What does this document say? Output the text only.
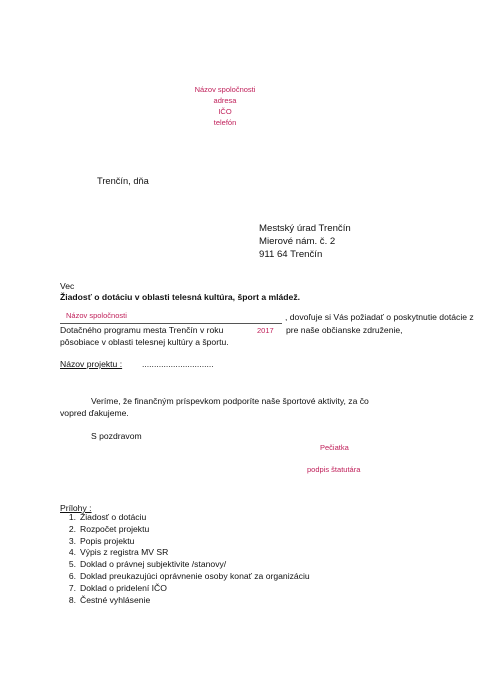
Názov spoločnosti
adresa
IČO
telefón
Trenčín, dňa
Mestský úrad Trenčín
Mierové nám. č. 2
911 64 Trenčín
Vec
Žiadosť o dotáciu v oblasti telesná kultúra, šport a mládež.
Názov spoločnosti	, dovoľuje si Vás požiadať o poskytnutie dotácie z
Dotačného programu mesta Trenčín v roku	2017 pre naše občianske združenie,
pôsobiace v oblasti telesnej kultúry a športu.
Názov projektu : ..............................
Veríme, že finančným príspevkom podporíte naše športové aktivity, za čo
vopred ďakujeme.
S pozdravom
Pečiatka
podpis štatutára
Prílohy :
1. Žiadosť o dotáciu
2. Rozpočet projektu
3. Popis projektu
4. Výpis z registra MV SR
5. Doklad o právnej subjektivite /stanovy/
6. Doklad preukazujúci oprávnenie osoby konať za organizáciu
7. Doklad o pridelení IČO
8. Čestné vyhlásenie
